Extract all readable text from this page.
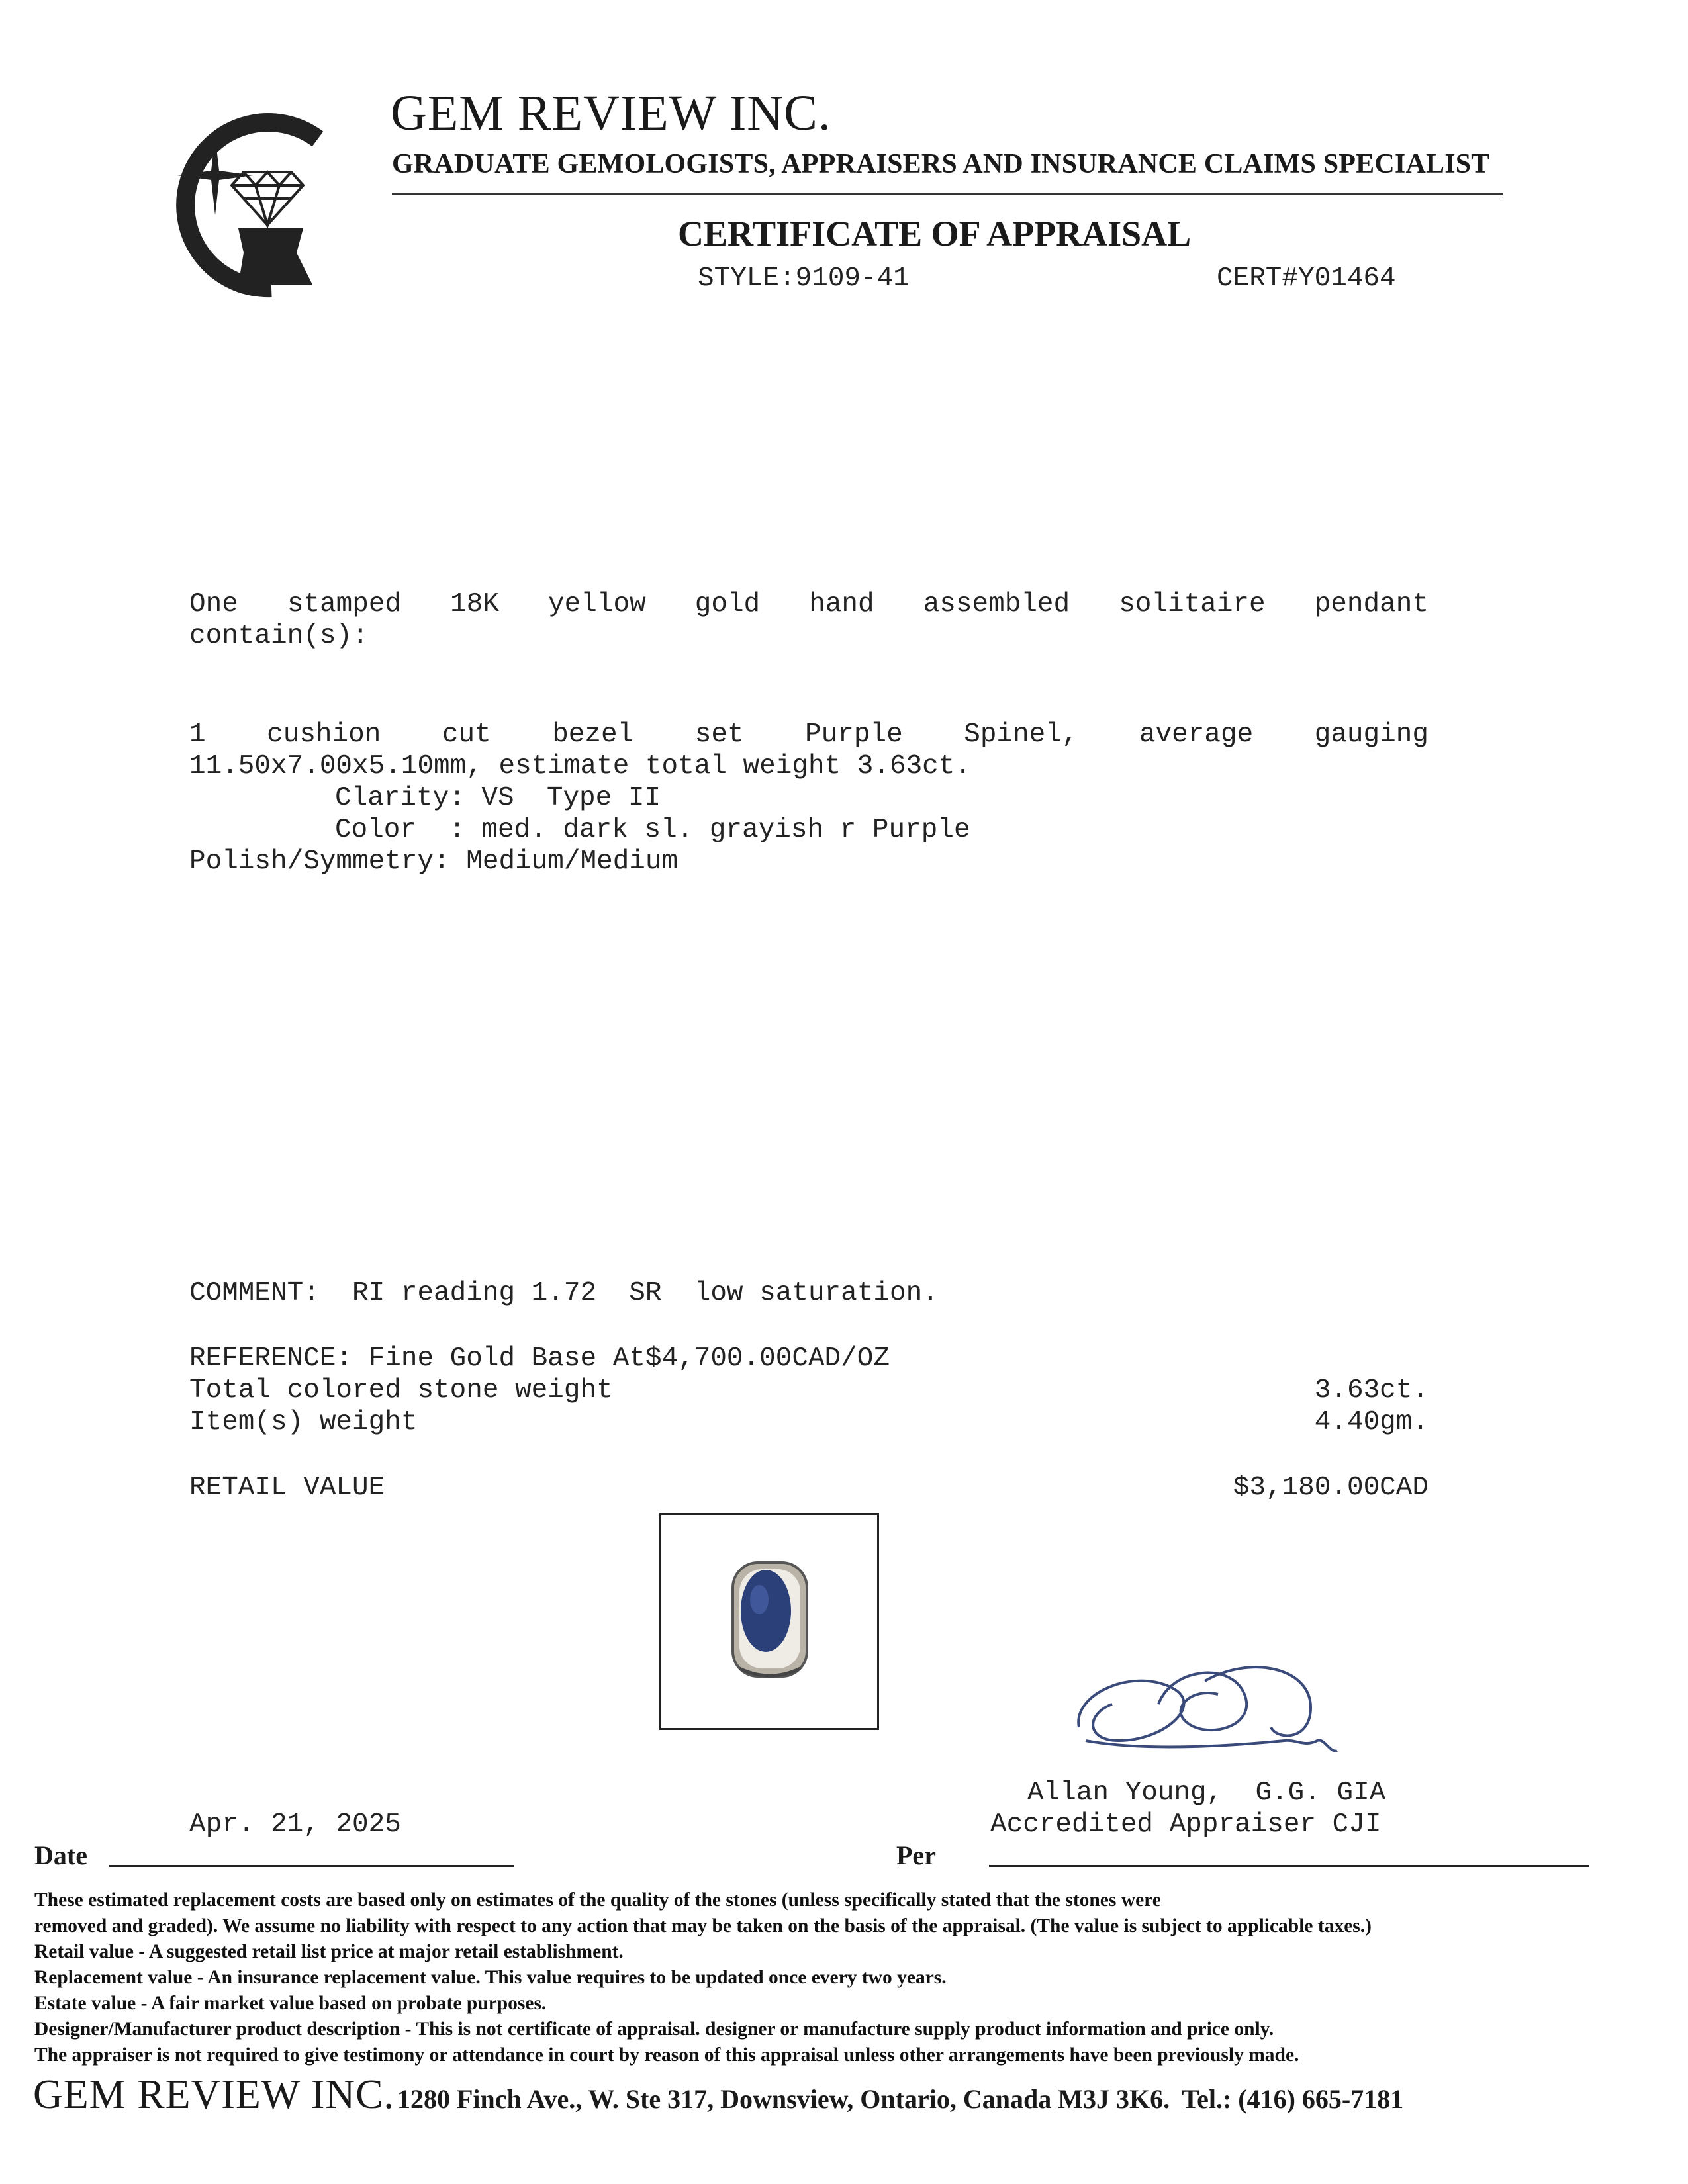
GEM REVIEW INC.
GRADUATE GEMOLOGISTS, APPRAISERS AND INSURANCE CLAIMS SPECIALIST
CERTIFICATE OF APPRAISAL
STYLE:9109-41	CERT#Y01464
One stamped 18K yellow gold hand assembled solitaire pendant
contain(s):
1 cushion cut bezel set Purple Spinel, average gauging
11.50x7.00x5.10mm, estimate total weight 3.63ct.
Clarity: VS  Type II
Color  : med. dark sl. grayish r Purple
Polish/Symmetry: Medium/Medium
COMMENT:  RI reading 1.72  SR  low saturation.
REFERENCE: Fine Gold Base At$4,700.00CAD/OZ
Total colored stone weight	3.63ct.
Item(s) weight	4.40gm.
RETAIL VALUE	$3,180.00CAD
Allan Young,  G.G. GIA
Accredited Appraiser CJI
Apr. 21, 2025
Date	Per
These estimated replacement costs are based only on estimates of the quality of the stones (unless specifically stated that the stones were
removed and graded). We assume no liability with respect to any action that may be taken on the basis of the appraisal. (The value is subject to applicable taxes.)
Retail value - A suggested retail list price at major retail establishment.
Replacement value - An insurance replacement value. This value requires to be updated once every two years.
Estate value - A fair market value based on probate purposes.
Designer/Manufacturer product description - This is not certificate of appraisal. designer or manufacture supply product information and price only.
The appraiser is not required to give testimony or attendance in court by reason of this appraisal unless other arrangements have been previously made.
GEM REVIEW INC. 1280 Finch Ave., W. Ste 317, Downsview, Ontario, Canada M3J 3K6. Tel.: (416) 665-7181
